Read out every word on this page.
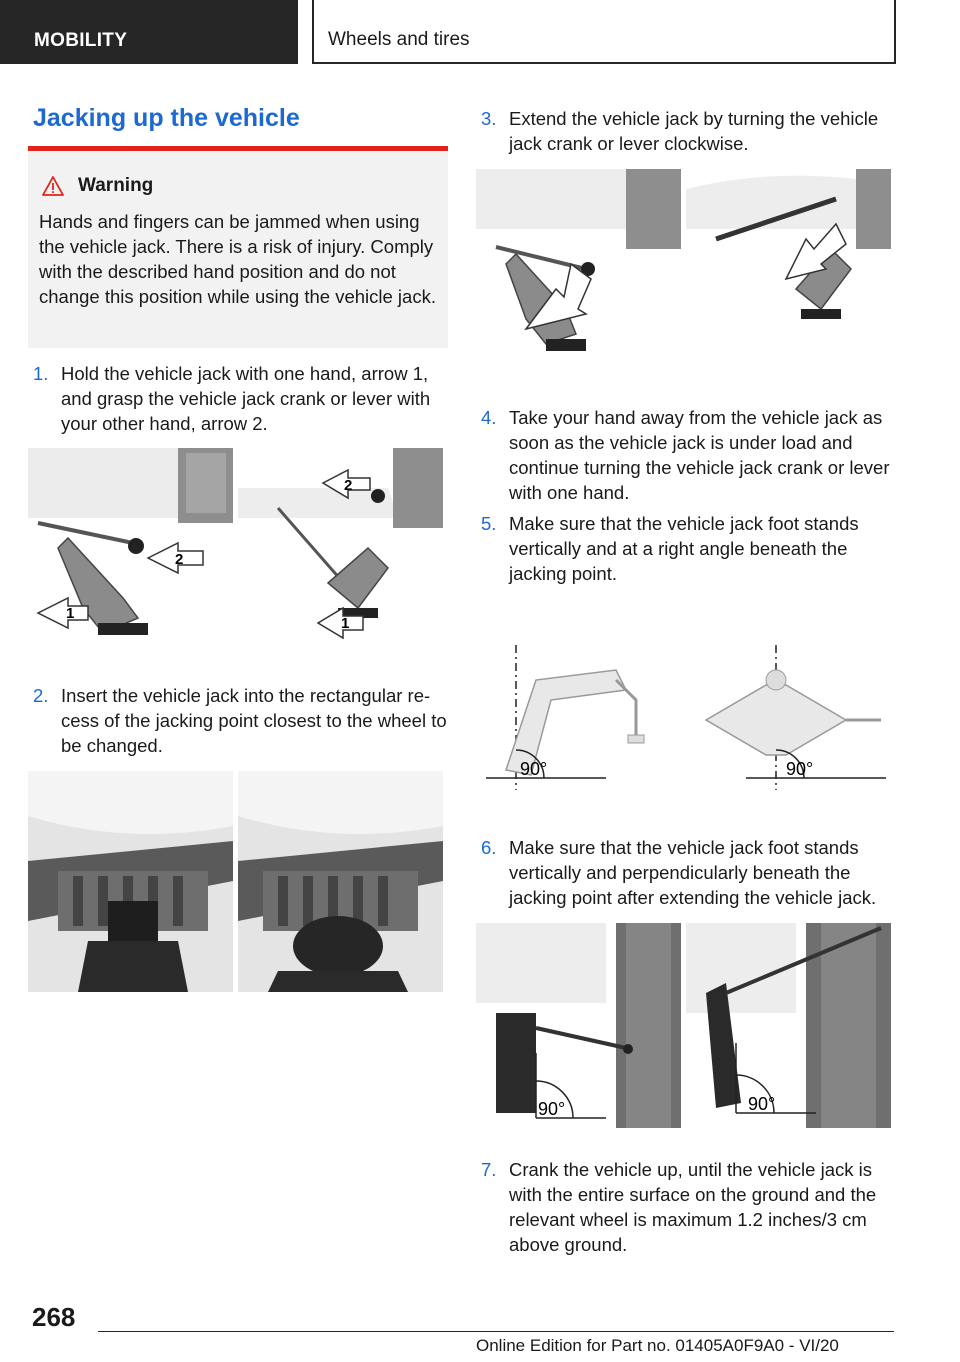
MOBILITY	Wheels and tires
Jacking up the vehicle
Warning
Hands and fingers can be jammed when using the vehicle jack. There is a risk of injury. Comply with the described hand position and do not change this position while using the vehicle jack.
1. Hold the vehicle jack with one hand, arrow 1, and grasp the vehicle jack crank or lever with your other hand, arrow 2.
1
2
2
1
2. Insert the vehicle jack into the rectangular recess of the jacking point closest to the wheel to be changed.
3. Extend the vehicle jack by turning the vehicle jack crank or lever clockwise.
4. Take your hand away from the vehicle jack as soon as the vehicle jack is under load and continue turning the vehicle jack crank or lever with one hand.
5. Make sure that the vehicle jack foot stands vertically and at a right angle beneath the jacking point.
90°	90°
6. Make sure that the vehicle jack foot stands vertically and perpendicularly beneath the jacking point after extending the vehicle jack.
90°	90°
7. Crank the vehicle up, until the vehicle jack is with the entire surface on the ground and the relevant wheel is maximum 1.2 inches/3 cm above ground.
268
Online Edition for Part no. 01405A0F9A0 - VI/20
